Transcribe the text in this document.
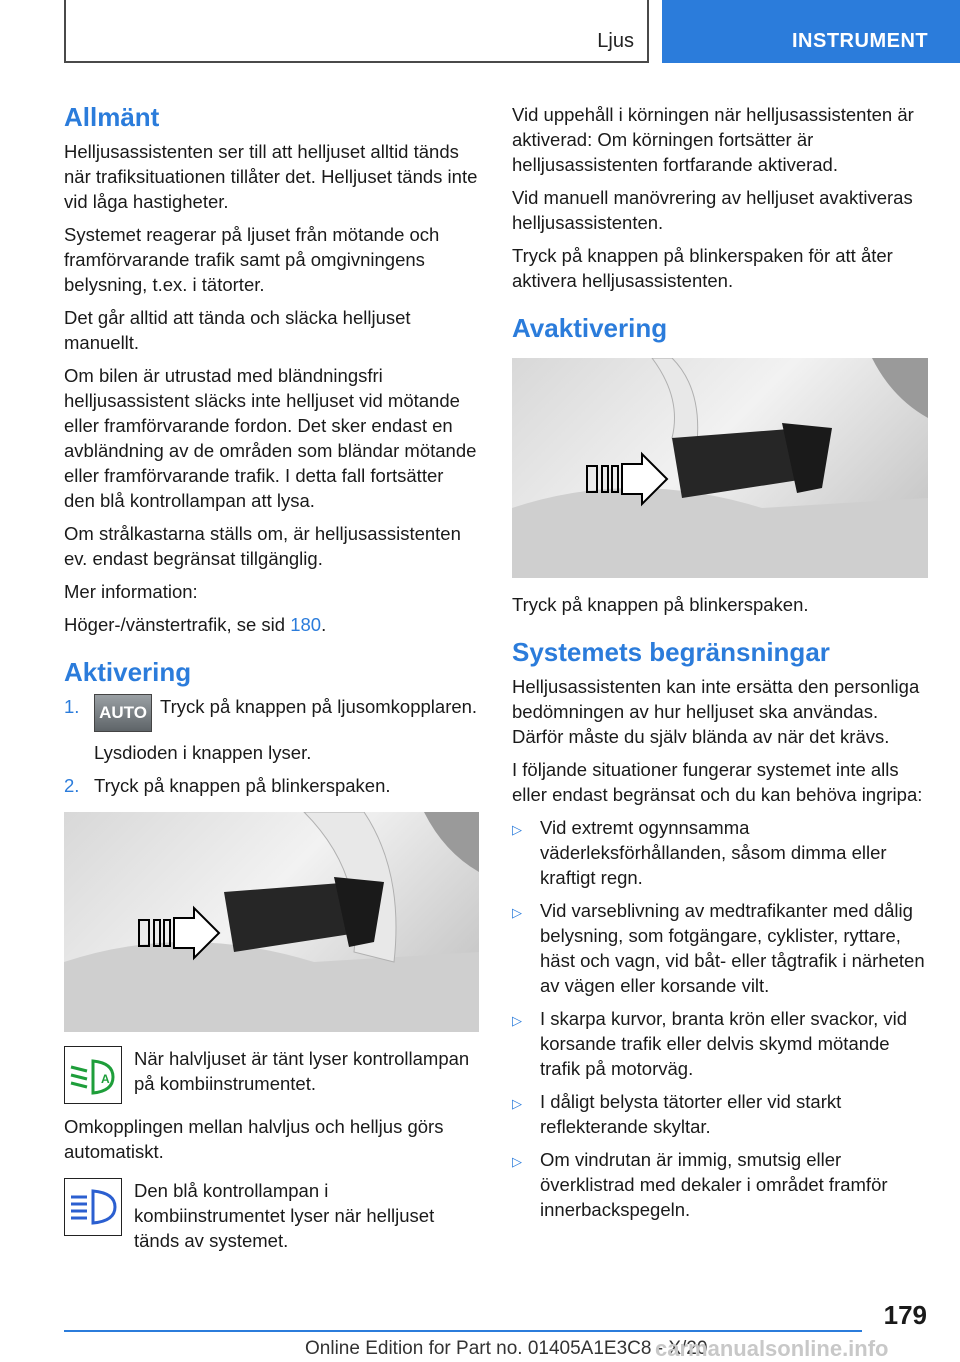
Ljus	INSTRUMENT
Allmänt

Helljusassistenten ser till att helljuset alltid tänds när trafiksituationen tillåter det. Helljuset tänds inte vid låga hastigheter.

Systemet reagerar på ljuset från mötande och framförvarande trafik samt på omgivningens belysning, t.ex. i tätorter.

Det går alltid att tända och släcka helljuset manuellt.

Om bilen är utrustad med bländningsfri helljusassistent släcks inte helljuset vid mötande eller framförvarande fordon. Det sker endast en avbländning av de områden som bländar mötande eller framförvarande trafik. I detta fall fortsätter den blå kontrollampan att lysa.

Om strålkastarna ställs om, är helljusassistenten ev. endast begränsat tillgänglig.

Mer information:

Höger-/vänstertrafik, se sid 180.

Aktivering
1.	AUTO Tryck på knappen på ljusomkopplaren.
Lysdioden i knappen lyser.
2. Tryck på knappen på blinkerspaken.
A

När halvljuset är tänt lyser kontrollampan på kombiinstrumentet.

Omkopplingen mellan halvljus och helljus görs automatiskt.

Den blå kontrollampan i kombiinstrumentet lyser när helljuset tänds av systemet.

Vid uppehåll i körningen när helljusassistenten är aktiverad: Om körningen fortsätter är helljusassistenten fortfarande aktiverad.

Vid manuell manövrering av helljuset avaktiveras helljusassistenten.

Tryck på knappen på blinkerspaken för att åter aktivera helljusassistenten.

Avaktivering

Tryck på knappen på blinkerspaken.

Systemets begränsningar

Helljusassistenten kan inte ersätta den personliga bedömningen av hur helljuset ska användas. Därför måste du själv blända av när det krävs.

I följande situationer fungerar systemet inte alls eller endast begränsat och du kan behöva ingripa:

▷ Vid extremt ogynnsamma väderleksförhållanden, såsom dimma eller kraftigt regn.
▷ Vid varseblivning av medtrafikanter med dålig belysning, som fotgängare, cyklister, ryttare, häst och vagn, vid båt- eller tågtrafik i närheten av vägen eller korsande vilt.
▷ I skarpa kurvor, branta krön eller svackor, vid korsande trafik eller delvis skymd mötande trafik på motorväg.
▷ I dåligt belysta tätorter eller vid starkt reflekterande skyltar.
▷ Om vindrutan är immig, smutsig eller överklistrad med dekaler i området framför innerbackspegeln.
179
Online Edition for Part no. 01405A1E3C8 - X/20
carmanualsonline.info
